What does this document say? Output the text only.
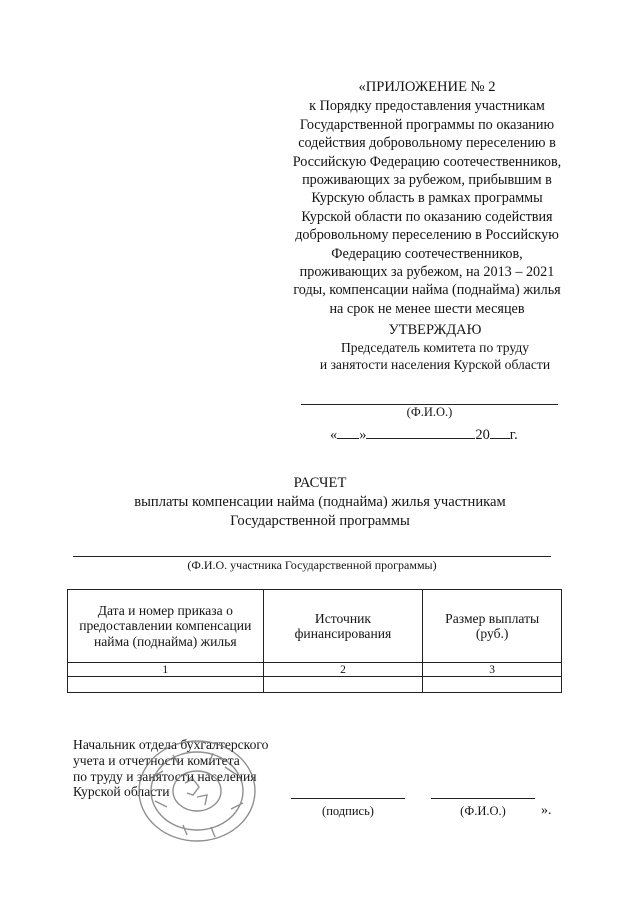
«ПРИЛОЖЕНИЕ № 2
к Порядку предоставления участникам
Государственной программы по оказанию
содействия добровольному переселению в
Российскую Федерацию соотечественников,
проживающих за рубежом, прибывшим в
Курскую область в рамках программы
Курской области по оказанию содействия
добровольному переселению в Российскую
Федерацию соотечественников,
проживающих за рубежом, на 2013 – 2021
годы, компенсации найма (поднайма) жилья
на срок не менее шести месяцев
УТВЕРЖДАЮ
Председатель комитета по труду
и занятости населения Курской области
(Ф.И.О.)
« »	20 г.
РАСЧЕТ
выплаты компенсации найма (поднайма) жилья участникам
Государственной программы
(Ф.И.О. участника Государственной программы)
Дата и номер приказа о предоставлении компенсации найма (поднайма) жилья	Источник финансирования	Размер выплаты (руб.)
1	2	3

Начальник отдела бухгалтерского
учета и отчетности комитета
по труду и занятости населения
Курской области
(подпись)	(Ф.И.О.)	».
